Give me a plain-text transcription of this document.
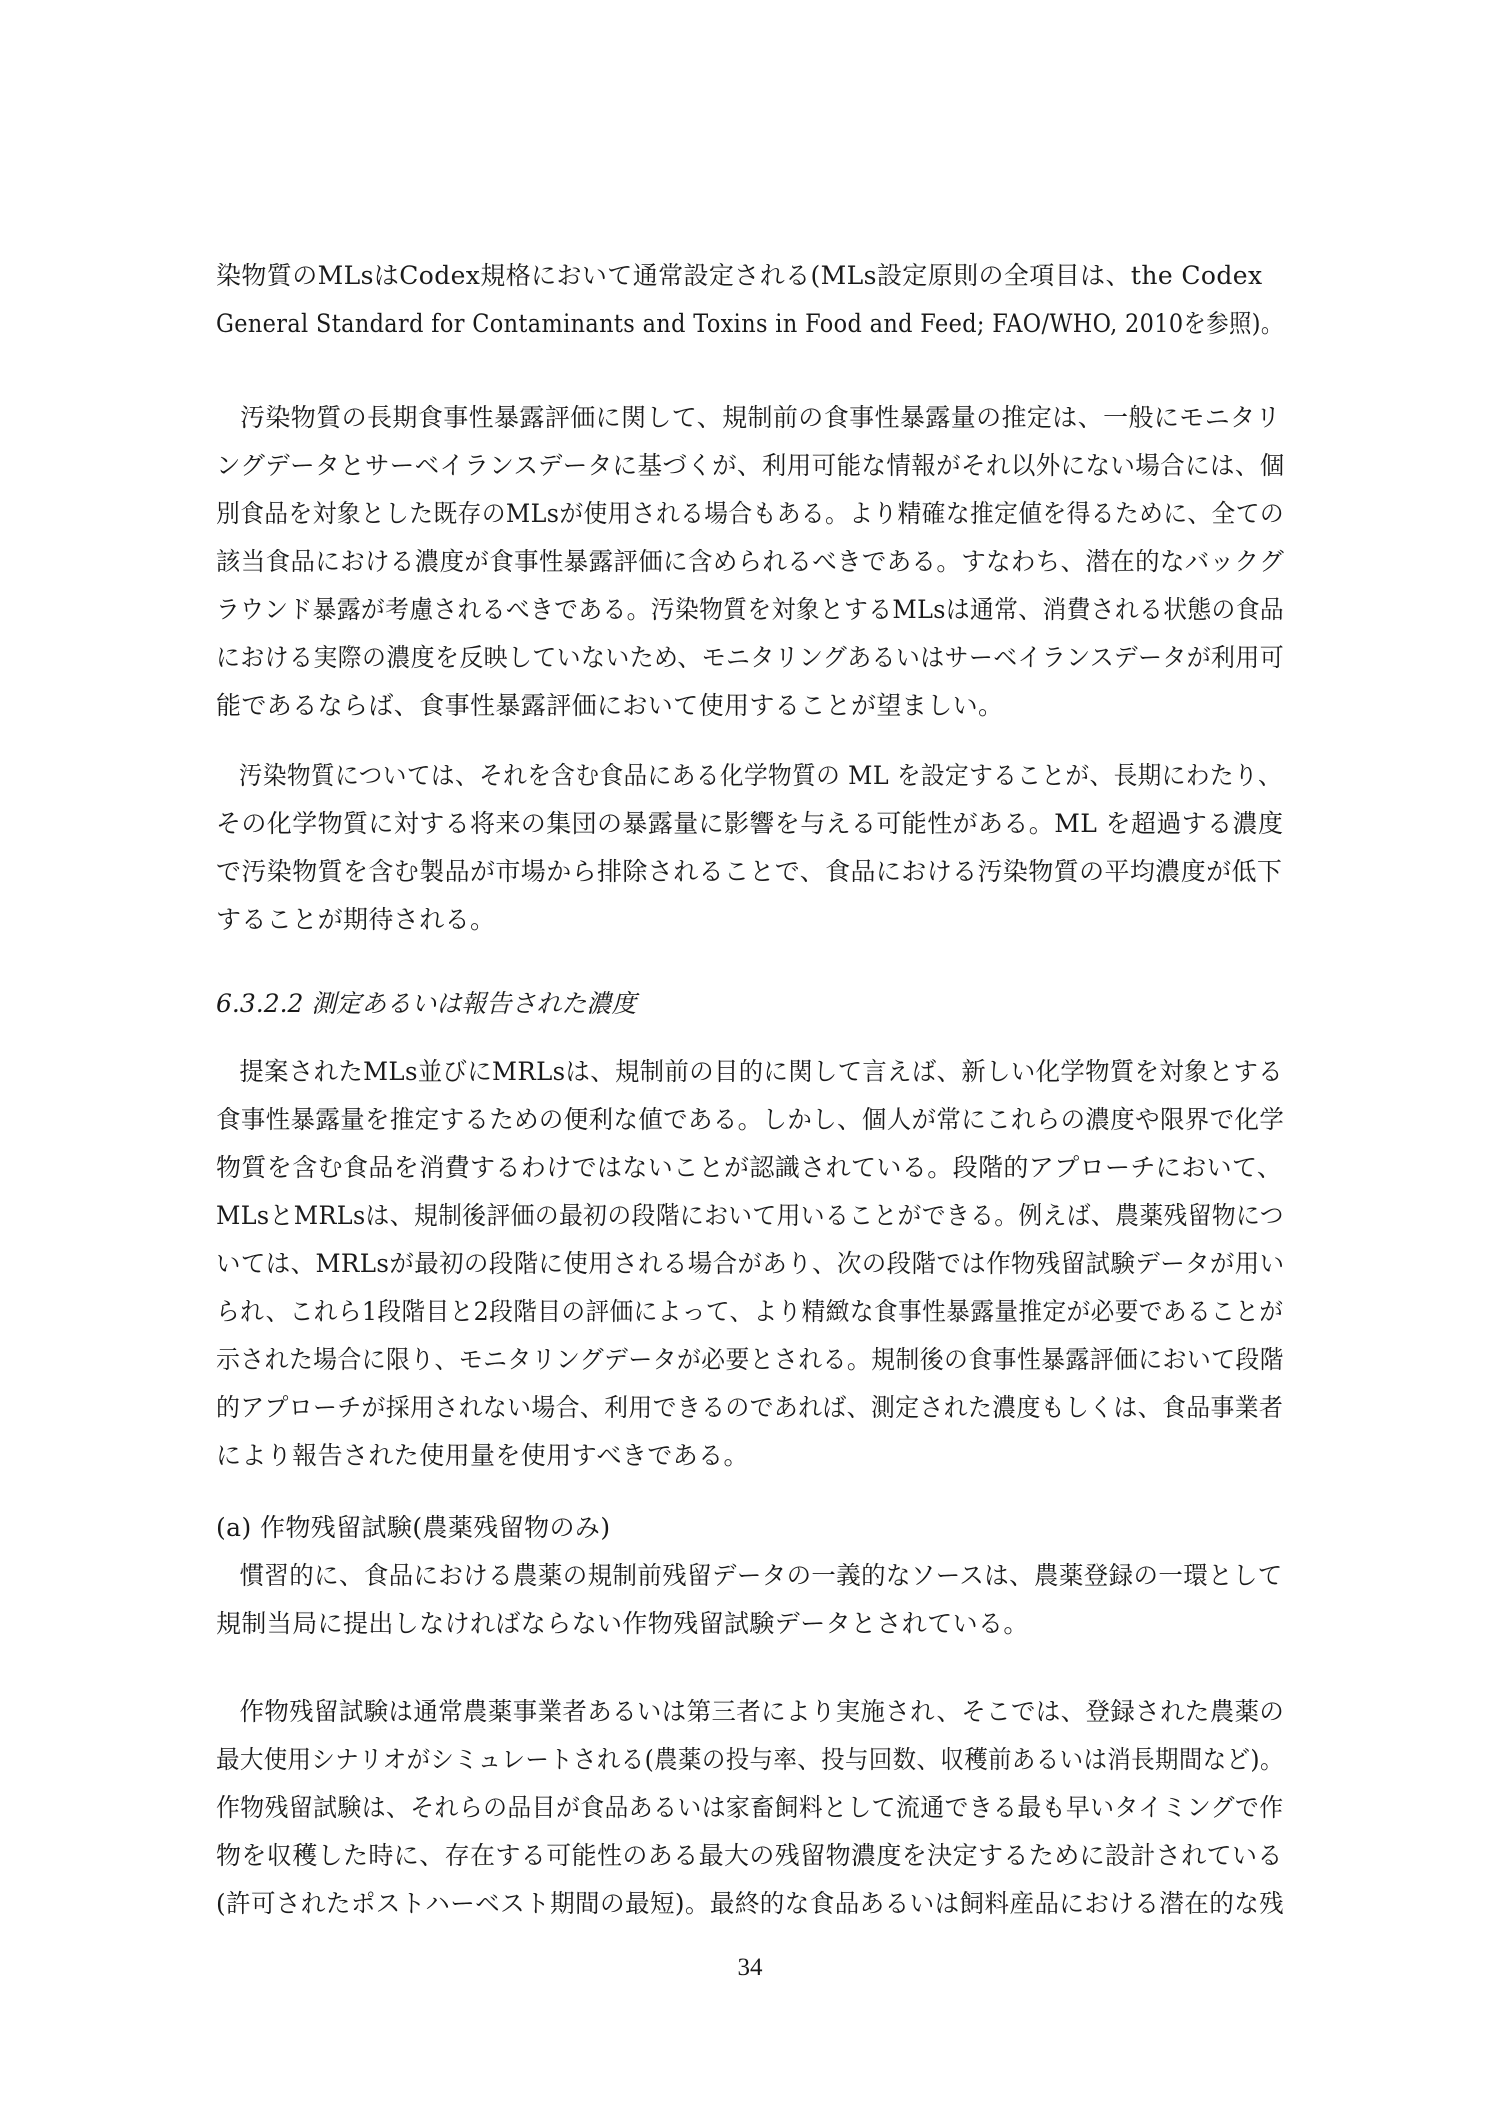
染物質のMLsはCodex規格において通常設定される(MLs設定原則の全項目は、the Codex
General Standard for Contaminants and Toxins in Food and Feed; FAO/WHO, 2010を参照)。
汚染物質の長期食事性暴露評価に関して、規制前の食事性暴露量の推定は、一般にモニタリ
ングデータとサーベイランスデータに基づくが、利用可能な情報がそれ以外にない場合には、個
別食品を対象とした既存のMLsが使用される場合もある。より精確な推定値を得るために、全ての
該当食品における濃度が食事性暴露評価に含められるべきである。すなわち、潜在的なバックグ
ラウンド暴露が考慮されるべきである。汚染物質を対象とするMLsは通常、消費される状態の食品
における実際の濃度を反映していないため、モニタリングあるいはサーベイランスデータが利用可
能であるならば、食事性暴露評価において使用することが望ましい。
汚染物質については、それを含む食品にある化学物質の ML を設定することが、長期にわたり、
その化学物質に対する将来の集団の暴露量に影響を与える可能性がある。ML を超過する濃度
で汚染物質を含む製品が市場から排除されることで、食品における汚染物質の平均濃度が低下
することが期待される。
6.3.2.2 測定あるいは報告された濃度
提案されたMLs並びにMRLsは、規制前の目的に関して言えば、新しい化学物質を対象とする
食事性暴露量を推定するための便利な値である。しかし、個人が常にこれらの濃度や限界で化学
物質を含む食品を消費するわけではないことが認識されている。段階的アプローチにおいて、
MLsとMRLsは、規制後評価の最初の段階において用いることができる。例えば、農薬残留物につ
いては、MRLsが最初の段階に使用される場合があり、次の段階では作物残留試験データが用い
られ、これら1段階目と2段階目の評価によって、より精緻な食事性暴露量推定が必要であることが
示された場合に限り、モニタリングデータが必要とされる。規制後の食事性暴露評価において段階
的アプローチが採用されない場合、利用できるのであれば、測定された濃度もしくは、食品事業者
により報告された使用量を使用すべきである。
(a) 作物残留試験(農薬残留物のみ)
慣習的に、食品における農薬の規制前残留データの一義的なソースは、農薬登録の一環として
規制当局に提出しなければならない作物残留試験データとされている。
作物残留試験は通常農薬事業者あるいは第三者により実施され、そこでは、登録された農薬の
最大使用シナリオがシミュレートされる(農薬の投与率、投与回数、収穫前あるいは消長期間など)。
作物残留試験は、それらの品目が食品あるいは家畜飼料として流通できる最も早いタイミングで作
物を収穫した時に、存在する可能性のある最大の残留物濃度を決定するために設計されている
(許可されたポストハーベスト期間の最短)。最終的な食品あるいは飼料産品における潜在的な残
34
